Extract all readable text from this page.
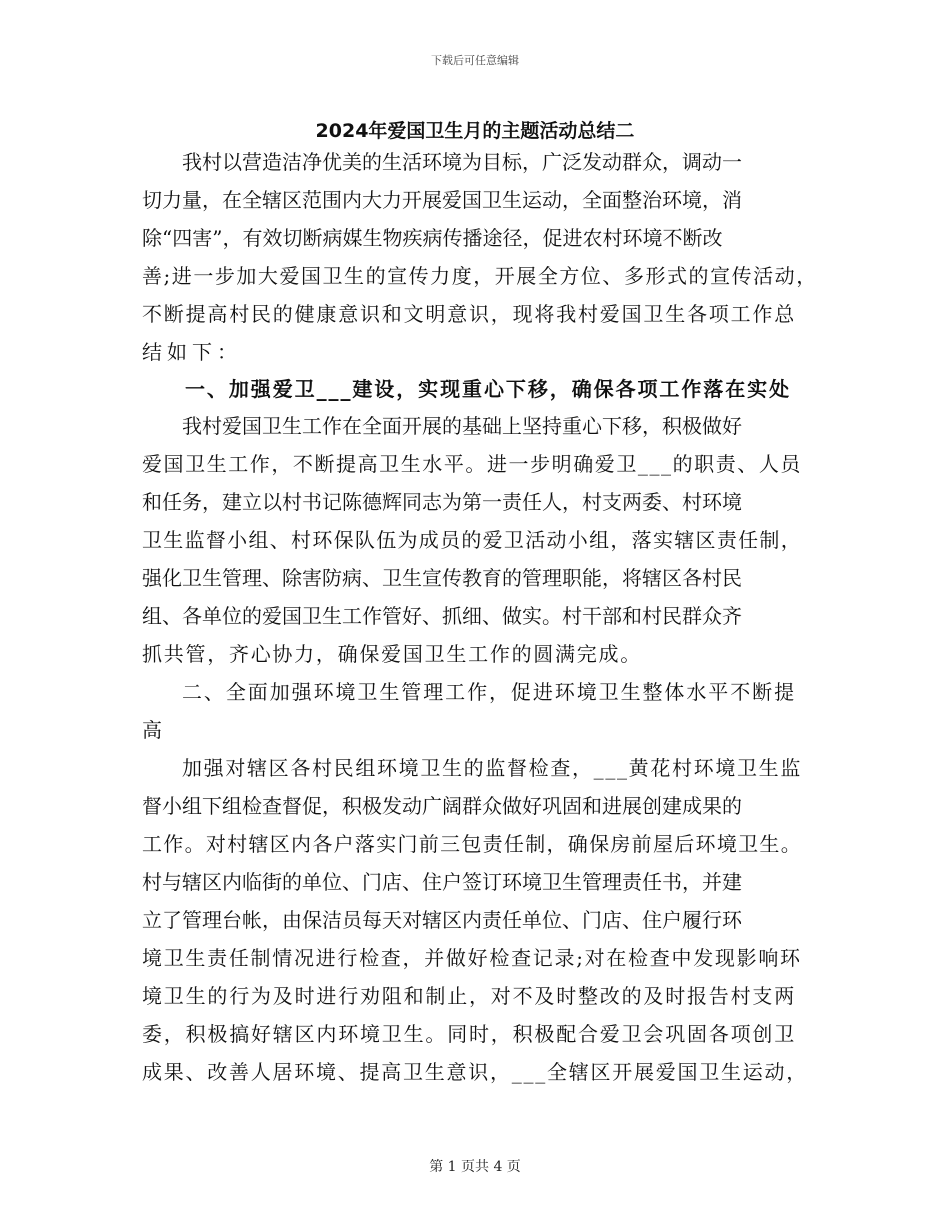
下载后可任意编辑
2024年爱国卫生月的主题活动总结二
我村以营造洁净优美的生活环境为目标，广泛发动群众，调动一
切力量，在全辖区范围内大力开展爱国卫生运动，全面整治环境，消
除“四害”，有效切断病媒生物疾病传播途径，促进农村环境不断改
善;进一步加大爱国卫生的宣传力度，开展全方位、多形式的宣传活动，
不断提高村民的健康意识和文明意识，现将我村爱国卫生各项工作总
结如下：
一、加强爱卫___建设，实现重心下移，确保各项工作落在实处
我村爱国卫生工作在全面开展的基础上坚持重心下移，积极做好
爱国卫生工作，不断提高卫生水平。进一步明确爱卫___的职责、人员
和任务，建立以村书记陈德辉同志为第一责任人，村支两委、村环境
卫生监督小组、村环保队伍为成员的爱卫活动小组，落实辖区责任制，
强化卫生管理、除害防病、卫生宣传教育的管理职能，将辖区各村民
组、各单位的爱国卫生工作管好、抓细、做实。村干部和村民群众齐
抓共管，齐心协力，确保爱国卫生工作的圆满完成。
二、全面加强环境卫生管理工作，促进环境卫生整体水平不断提
高
加强对辖区各村民组环境卫生的监督检查，___黄花村环境卫生监
督小组下组检查督促，积极发动广阔群众做好巩固和进展创建成果的
工作。对村辖区内各户落实门前三包责任制，确保房前屋后环境卫生。
村与辖区内临街的单位、门店、住户签订环境卫生管理责任书，并建
立了管理台帐，由保洁员每天对辖区内责任单位、门店、住户履行环
境卫生责任制情况进行检查，并做好检查记录;对在检查中发现影响环
境卫生的行为及时进行劝阻和制止，对不及时整改的及时报告村支两
委，积极搞好辖区内环境卫生。同时，积极配合爱卫会巩固各项创卫
成果、改善人居环境、提高卫生意识，___全辖区开展爱国卫生运动，
第 1 页共 4 页
